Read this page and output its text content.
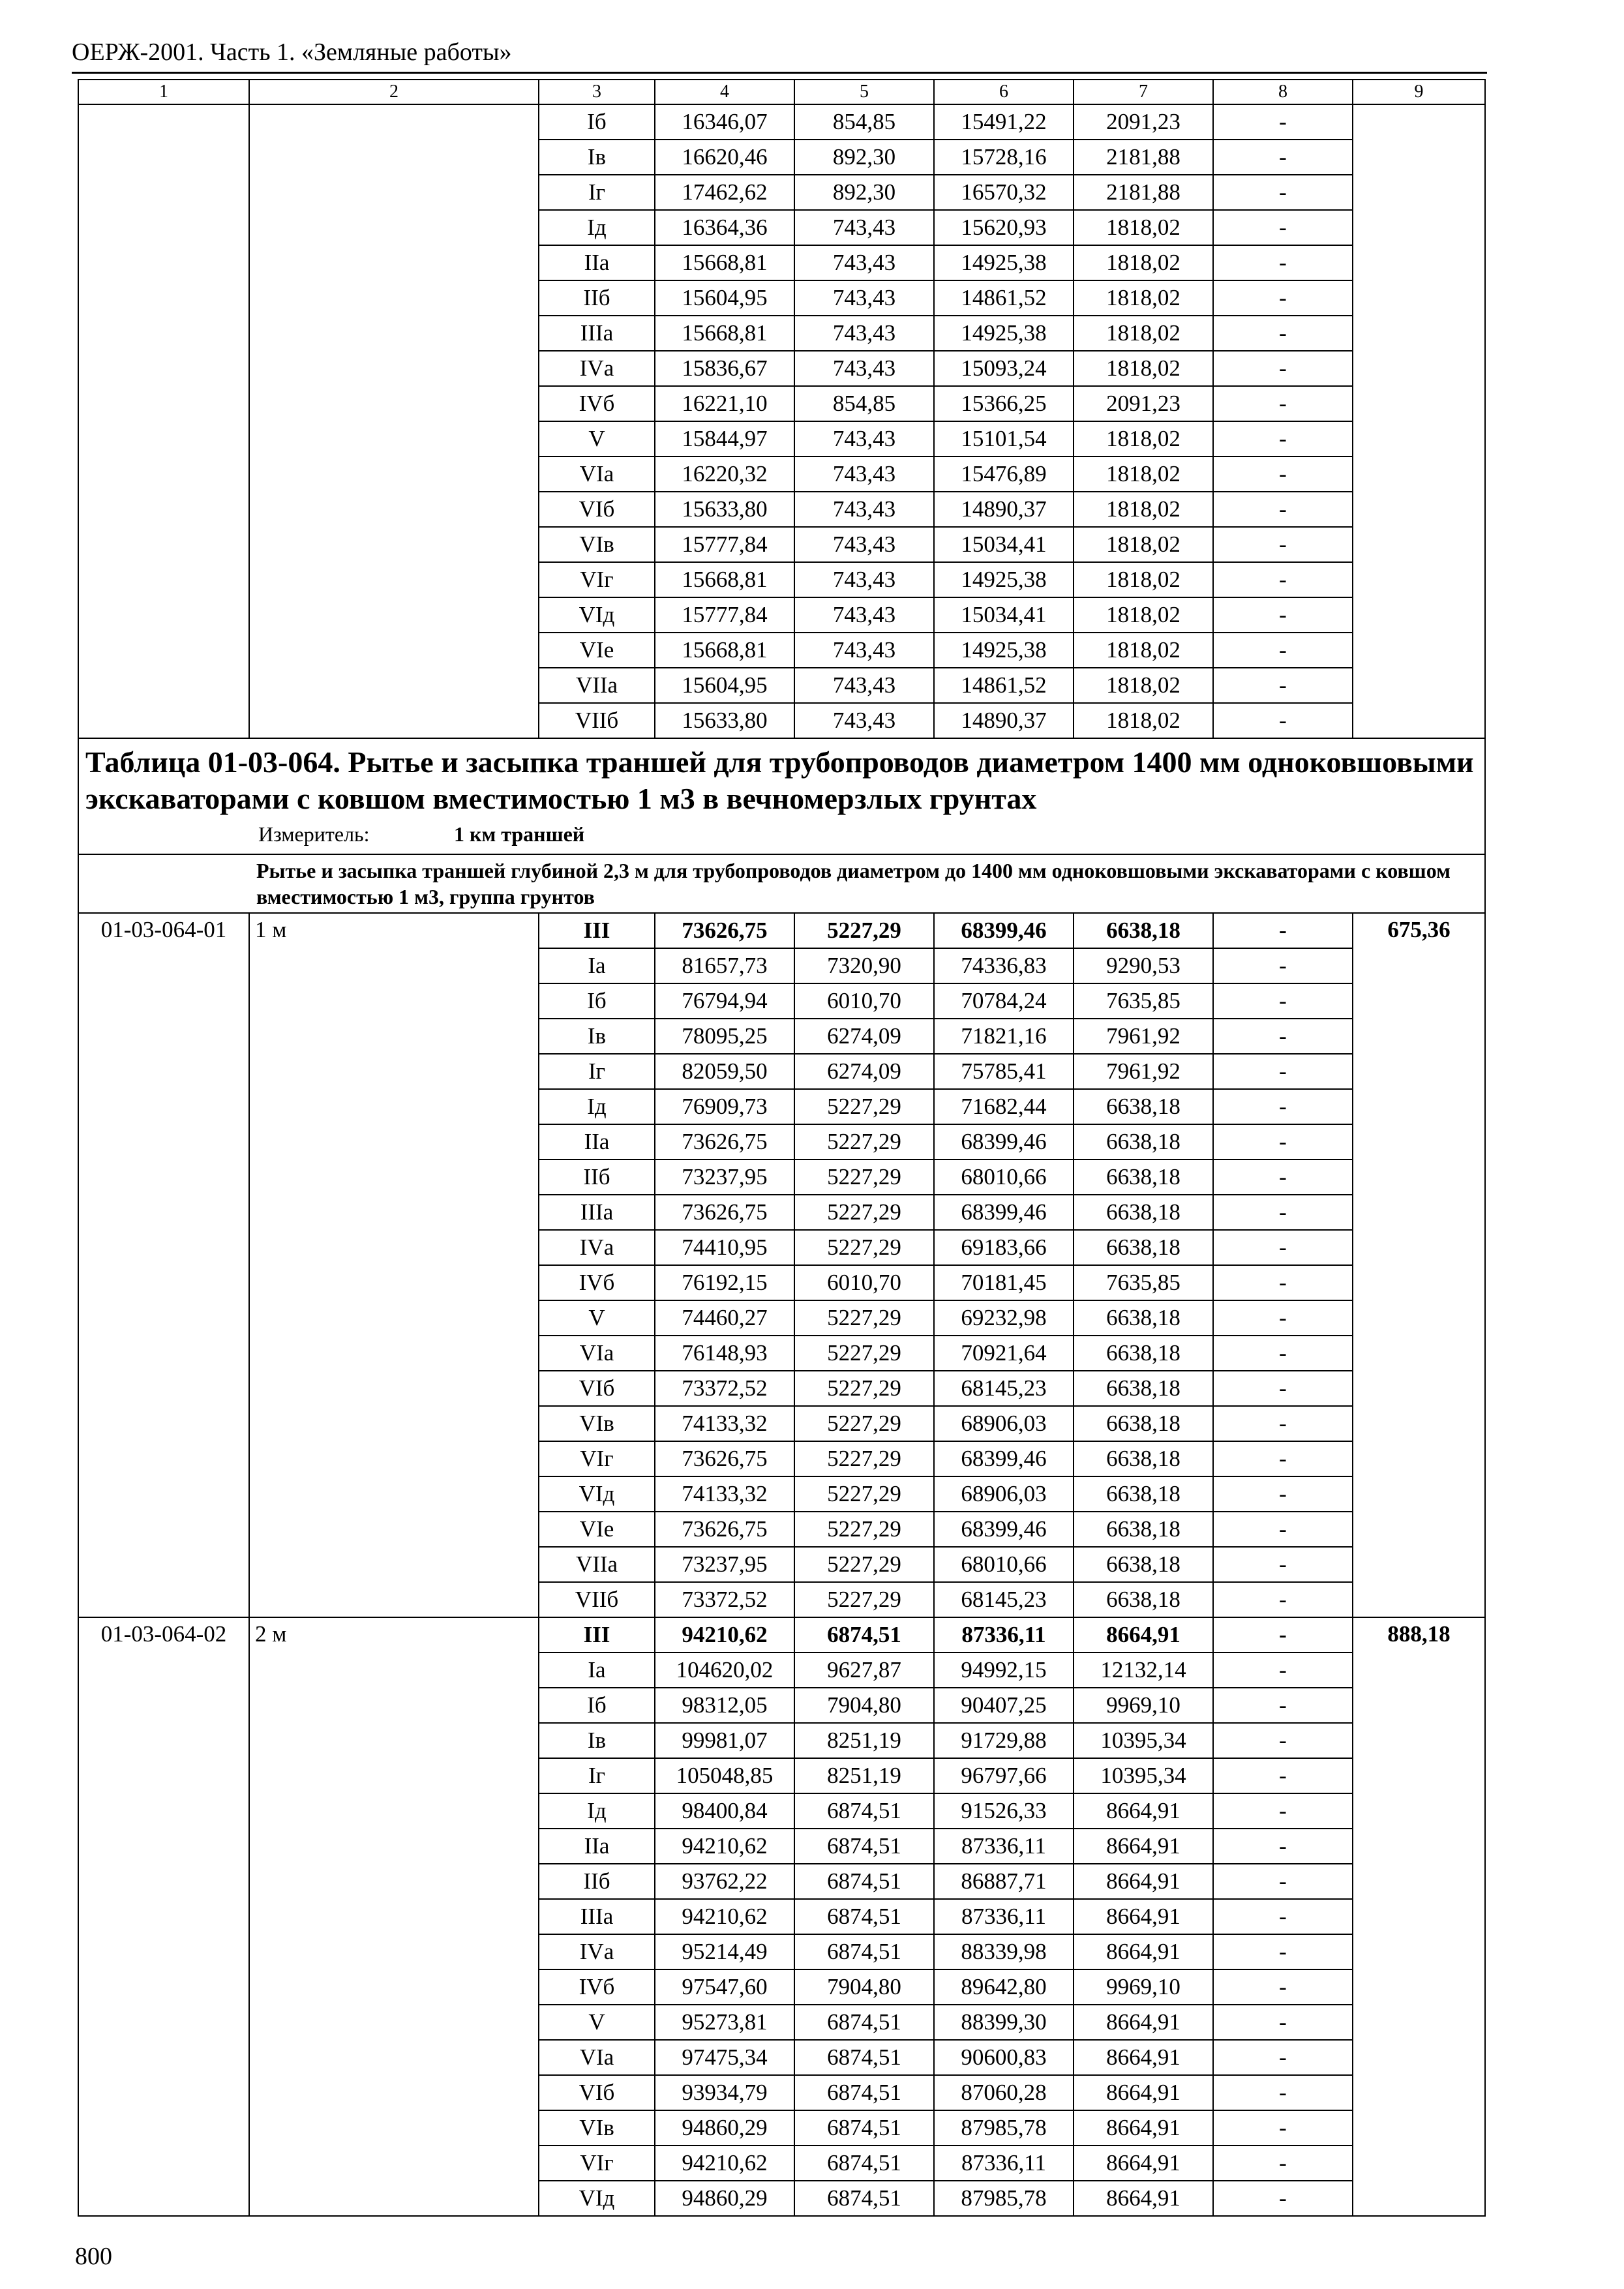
ОЕРЖ-2001. Часть 1. «Земляные работы»
1	2	3	4	5	6	7	8	9
		Iб	16346,07	854,85	15491,22	2091,23	-	
		Iв	16620,46	892,30	15728,16	2181,88	-	
		Iг	17462,62	892,30	16570,32	2181,88	-	
		Iд	16364,36	743,43	15620,93	1818,02	-	
		IIа	15668,81	743,43	14925,38	1818,02	-	
		IIб	15604,95	743,43	14861,52	1818,02	-	
		IIIа	15668,81	743,43	14925,38	1818,02	-	
		IVа	15836,67	743,43	15093,24	1818,02	-	
		IVб	16221,10	854,85	15366,25	2091,23	-	
		V	15844,97	743,43	15101,54	1818,02	-	
		VIа	16220,32	743,43	15476,89	1818,02	-	
		VIб	15633,80	743,43	14890,37	1818,02	-	
		VIв	15777,84	743,43	15034,41	1818,02	-	
		VIг	15668,81	743,43	14925,38	1818,02	-	
		VIд	15777,84	743,43	15034,41	1818,02	-	
		VIе	15668,81	743,43	14925,38	1818,02	-	
		VIIа	15604,95	743,43	14861,52	1818,02	-	
		VIIб	15633,80	743,43	14890,37	1818,02	-	

Таблица 01-03-064. Рытье и засыпка траншей для трубопроводов диаметром 1400 мм одноковшовыми экскаваторами с ковшом вместимостью 1 м3 в вечномерзлых грунтах
Измеритель: 1 км траншей								

Рытье и засыпка траншей глубиной 2,3 м для трубопроводов диаметром до 1400 мм одноковшовыми экскаваторами с ковшом вместимостью 1 м3, группа грунтов								
01-03-064-01	1 м	III	73626,75	5227,29	68399,46	6638,18	-	675,36
		Iа	81657,73	7320,90	74336,83	9290,53	-	
		Iб	76794,94	6010,70	70784,24	7635,85	-	
		Iв	78095,25	6274,09	71821,16	7961,92	-	
		Iг	82059,50	6274,09	75785,41	7961,92	-	
		Iд	76909,73	5227,29	71682,44	6638,18	-	
		IIа	73626,75	5227,29	68399,46	6638,18	-	
		IIб	73237,95	5227,29	68010,66	6638,18	-	
		IIIа	73626,75	5227,29	68399,46	6638,18	-	
		IVа	74410,95	5227,29	69183,66	6638,18	-	
		IVб	76192,15	6010,70	70181,45	7635,85	-	
		V	74460,27	5227,29	69232,98	6638,18	-	
		VIа	76148,93	5227,29	70921,64	6638,18	-	
		VIб	73372,52	5227,29	68145,23	6638,18	-	
		VIв	74133,32	5227,29	68906,03	6638,18	-	
		VIг	73626,75	5227,29	68399,46	6638,18	-	
		VIд	74133,32	5227,29	68906,03	6638,18	-	
		VIе	73626,75	5227,29	68399,46	6638,18	-	
		VIIа	73237,95	5227,29	68010,66	6638,18	-	
		VIIб	73372,52	5227,29	68145,23	6638,18	-	
01-03-064-02	2 м	III	94210,62	6874,51	87336,11	8664,91	-	888,18
		Iа	104620,02	9627,87	94992,15	12132,14	-	
		Iб	98312,05	7904,80	90407,25	9969,10	-	
		Iв	99981,07	8251,19	91729,88	10395,34	-	
		Iг	105048,85	8251,19	96797,66	10395,34	-	
		Iд	98400,84	6874,51	91526,33	8664,91	-	
		IIа	94210,62	6874,51	87336,11	8664,91	-	
		IIб	93762,22	6874,51	86887,71	8664,91	-	
		IIIа	94210,62	6874,51	87336,11	8664,91	-	
		IVа	95214,49	6874,51	88339,98	8664,91	-	
		IVб	97547,60	7904,80	89642,80	9969,10	-	
		V	95273,81	6874,51	88399,30	8664,91	-	
		VIа	97475,34	6874,51	90600,83	8664,91	-	
		VIб	93934,79	6874,51	87060,28	8664,91	-	
		VIв	94860,29	6874,51	87985,78	8664,91	-	
		VIг	94210,62	6874,51	87336,11	8664,91	-	
		VIд	94860,29	6874,51	87985,78	8664,91	-	
800
